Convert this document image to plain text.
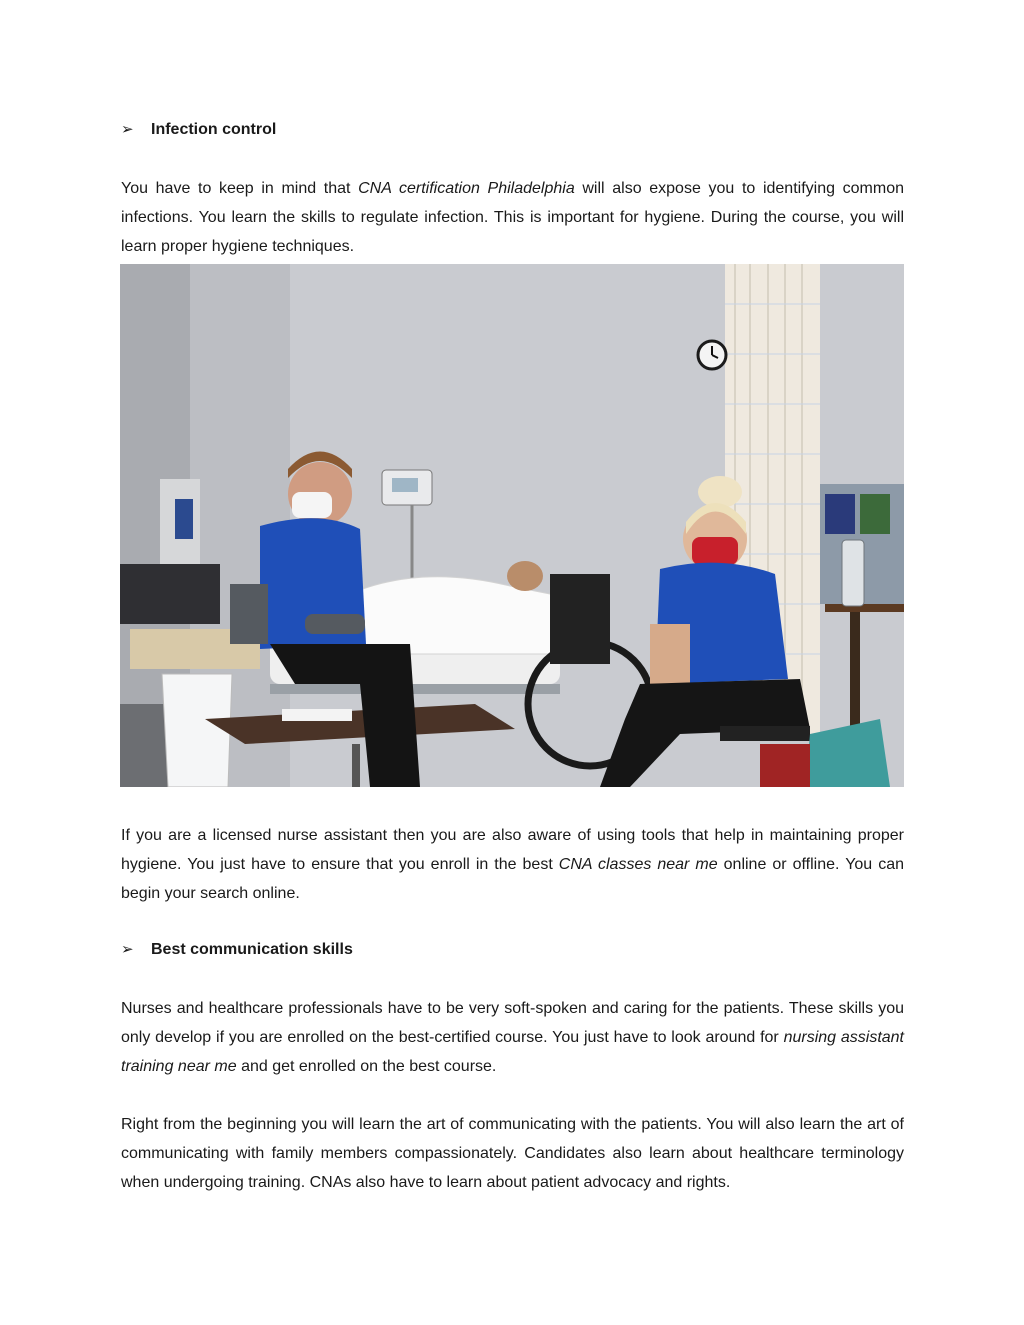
➢	Infection control

You have to keep in mind that CNA certification Philadelphia will also expose you to identifying common infections. You learn the skills to regulate infection. This is important for hygiene. During the course, you will learn proper hygiene techniques.

If you are a licensed nurse assistant then you are also aware of using tools that help in maintaining proper hygiene. You just have to ensure that you enroll in the best CNA classes near me online or offline. You can begin your search online.

➢	Best communication skills

Nurses and healthcare professionals have to be very soft-spoken and caring for the patients. These skills you only develop if you are enrolled on the best-certified course. You just have to look around for nursing assistant training near me and get enrolled on the best course.

Right from the beginning you will learn the art of communicating with the patients. You will also learn the art of communicating with family members compassionately. Candidates also learn about healthcare terminology when undergoing training. CNAs also have to learn about patient advocacy and rights.
